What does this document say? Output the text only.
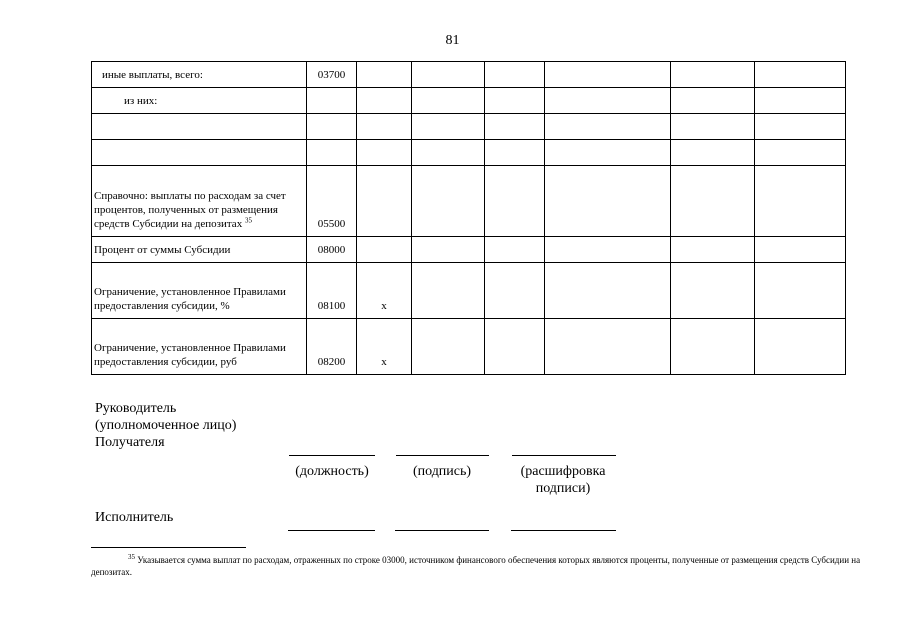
81
иные выплаты, всего:	03700						
из них:							

Справочно: выплаты по расходам за счет процентов, полученных от размещения средств Субсидии на депозитах $^{35}$	05500						
Процент от суммы Субсидии	08000						
Ограничение, установленное Правилами предоставления субсидии, %	08100	x					
Ограничение, установленное Правилами предоставления субсидии, руб	08200	x					
Руководитель
(уполномоченное лицо)
Получателя
(должность)	(подпись)	(расшифровка
подписи)
Исполнитель
$^{35}$ Указывается сумма выплат по расходам, отраженных по строке 03000, источником финансового обеспечения которых являются проценты, полученные от размещения средств Субсидии на депозитах.
